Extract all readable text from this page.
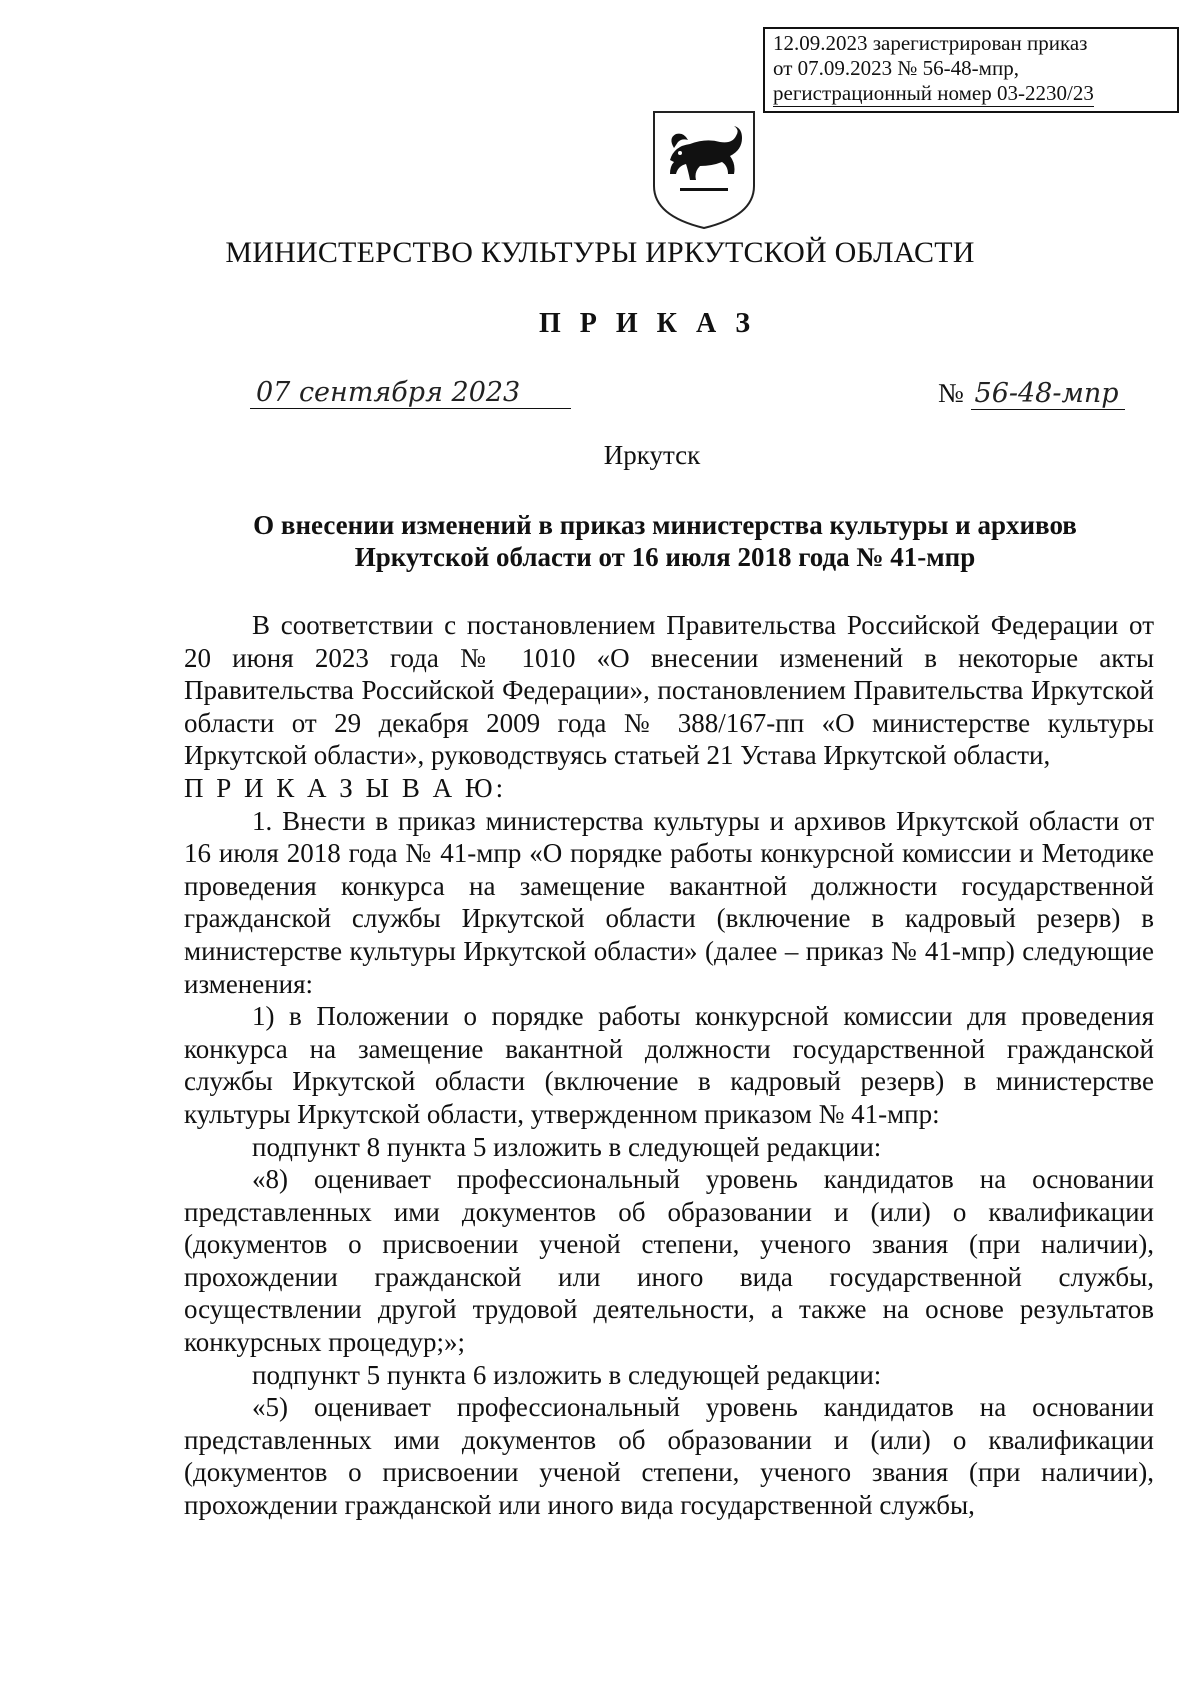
12.09.2023 зарегистрирован приказ
от 07.09.2023 № 56-48-мпр,
регистрационный номер 03-2230/23
МИНИСТЕРСТВО КУЛЬТУРЫ ИРКУТСКОЙ ОБЛАСТИ
П Р И К А З
07 сентября 2023	№ 56-48-мпр
Иркутск
О внесении изменений в приказ министерства культуры и архивов
Иркутской области от 16 июля 2018 года № 41-мпр

В соответствии с постановлением Правительства Российской Федерации от 20 июня 2023 года № 1010 «О внесении изменений в некоторые акты Правительства Российской Федерации», постановлением Правительства Иркутской области от 29 декабря 2009 года № 388/167-пп «О министерстве культуры Иркутской области», руководствуясь статьей 21 Устава Иркутской области,

П Р И К А З Ы В А Ю:

1. Внести в приказ министерства культуры и архивов Иркутской области от 16 июля 2018 года № 41-мпр «О порядке работы конкурсной комиссии и Методике проведения конкурса на замещение вакантной должности государственной гражданской службы Иркутской области (включение в кадровый резерв) в министерстве культуры Иркутской области» (далее – приказ № 41-мпр) следующие изменения:

1) в Положении о порядке работы конкурсной комиссии для проведения конкурса на замещение вакантной должности государственной гражданской службы Иркутской области (включение в кадровый резерв) в министерстве культуры Иркутской области, утвержденном приказом № 41-мпр:

подпункт 8 пункта 5 изложить в следующей редакции:

«8) оценивает профессиональный уровень кандидатов на основании представленных ими документов об образовании и (или) о квалификации (документов о присвоении ученой степени, ученого звания (при наличии), прохождении гражданской или иного вида государственной службы, осуществлении другой трудовой деятельности, а также на основе результатов конкурсных процедур;»;

подпункт 5 пункта 6 изложить в следующей редакции:

«5) оценивает профессиональный уровень кандидатов на основании представленных ими документов об образовании и (или) о квалификации (документов о присвоении ученой степени, ученого звания (при наличии), прохождении гражданской или иного вида государственной службы,
